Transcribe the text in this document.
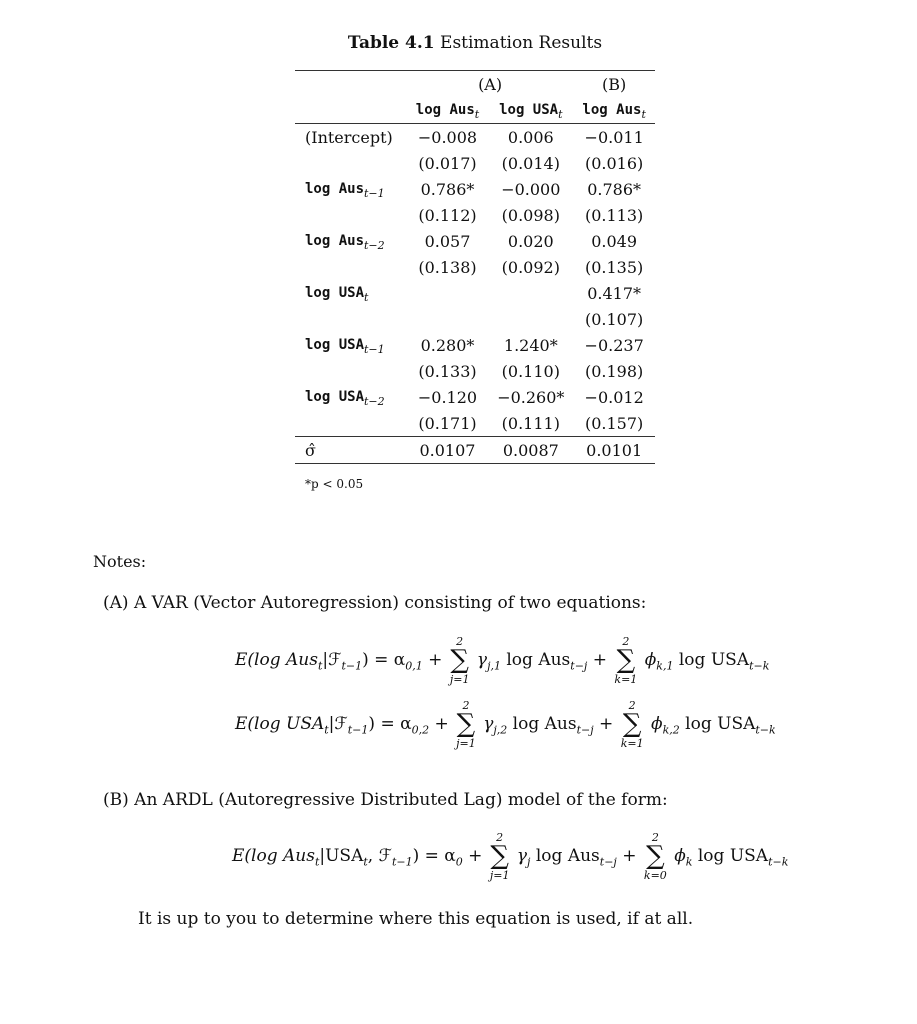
Table 4.1 Estimation Results
	(A)		(B)
	log Aus$_t$	$\log USA_t$	log Aus$_t$
(Intercept)	−0.008	0.006	−0.011
	(0.017)	(0.014)	(0.016)
log Aus$_{t-1}$	0.786*	−0.000	0.786*
	(0.112)	(0.098)	(0.113)
log Aus$_{t-2}$	0.057	0.020	0.049
	(0.138)	(0.092)	(0.135)
$\log USA_t$			0.417*
			(0.107)
$\log USA_{t-1}$	0.280*	1.240*	−0.237
	(0.133)	(0.110)	(0.198)
$\log USA_{t-2}$	−0.120	−0.260*	−0.012
	(0.171)	(0.111)	(0.157)
σ̂	0.0107	0.0087	0.0101
*p < 0.05
Notes:
(A) A VAR (Vector Autoregression) consisting of two equations:
E(log Aus$_t$|ℱ$_{t-1}$) = $\alpha_{0,1}$ +
2
∑
j=1
$\gamma_{j,1}$ log Aus$_{t-j}$ +
2
∑
k=1
$\phi_{k,1}$ $\log USA_{t-k}$
E(log $USA_t|ℱ_{t-1}) = \alpha_{0,2}$ +
2
∑
j=1
$\gamma_{j,2}$ log Aus$_{t-j}$ +
2
∑
k=1
$\phi_{k,2}$ $\log USA_{t-k}$
(B) An ARDL (Autoregressive Distributed Lag) model of the form:
E(log $Aus_t|USA_t$, ℱ$_{t-1}$) = $\alpha_0$ +
2
∑
j=1
$\gamma_j$ log Aus$_{t-j}$ +
2
∑
k=0
$\phi_k$ $\log USA_{t-k}$
It is up to you to determine where this equation is used, if at all.
